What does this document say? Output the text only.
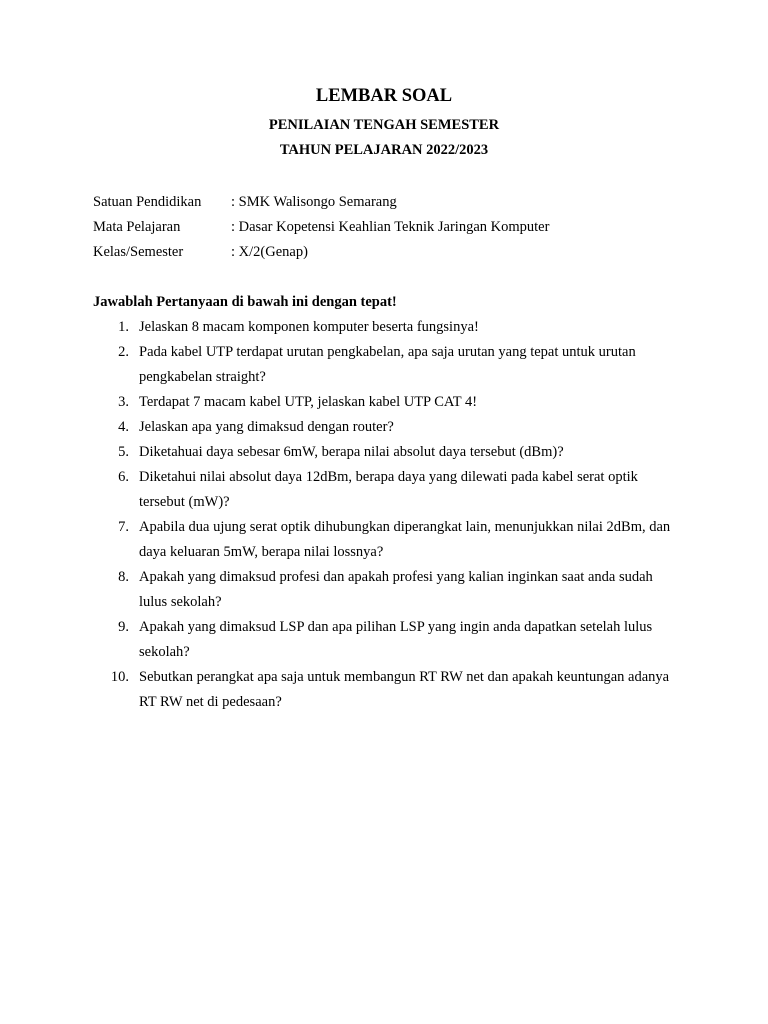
LEMBAR SOAL
PENILAIAN TENGAH SEMESTER
TAHUN PELAJARAN 2022/2023
Satuan Pendidikan	: SMK Walisongo Semarang
Mata Pelajaran	: Dasar Kopetensi Keahlian Teknik Jaringan Komputer
Kelas/Semester	: X/2(Genap)
Jawablah Pertanyaan di bawah ini dengan tepat!
1. Jelaskan 8 macam komponen komputer beserta fungsinya!
2. Pada kabel UTP terdapat urutan pengkabelan, apa saja urutan yang tepat untuk urutan pengkabelan straight?
3. Terdapat 7 macam kabel UTP, jelaskan kabel UTP CAT 4!
4. Jelaskan apa yang dimaksud dengan router?
5. Diketahuai daya sebesar 6mW, berapa nilai absolut daya tersebut (dBm)?
6. Diketahui nilai absolut daya 12dBm, berapa daya yang dilewati pada kabel serat optik tersebut (mW)?
7. Apabila dua ujung serat optik dihubungkan diperangkat lain, menunjukkan nilai 2dBm, dan daya keluaran 5mW, berapa nilai lossnya?
8. Apakah yang dimaksud profesi dan apakah profesi yang kalian inginkan saat anda sudah lulus sekolah?
9. Apakah yang dimaksud LSP dan apa pilihan LSP yang ingin anda dapatkan setelah lulus sekolah?
10. Sebutkan perangkat apa saja untuk membangun RT RW net dan apakah keuntungan adanya RT RW net di pedesaan?
